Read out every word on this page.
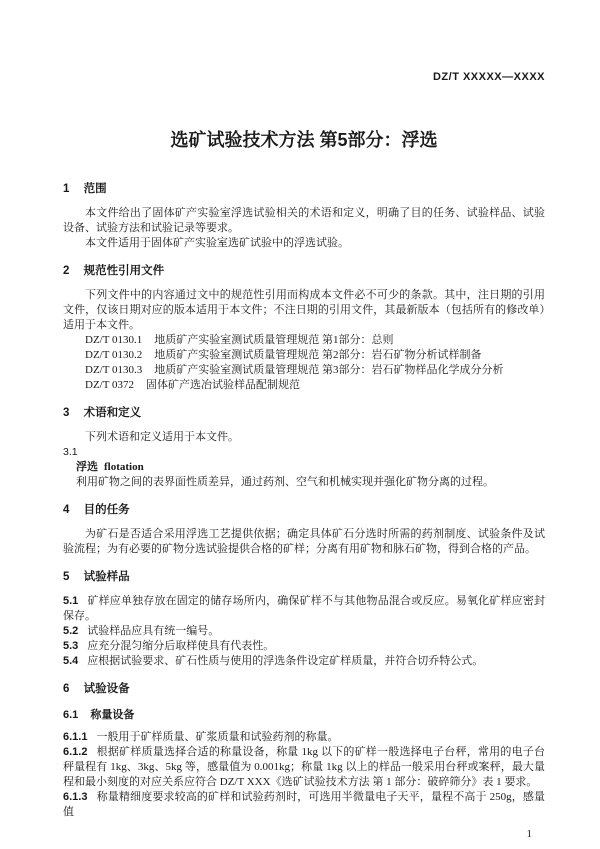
DZ/T XXXXX—XXXX
选矿试验技术方法 第5部分：浮选
1 范围

本文件给出了固体矿产实验室浮选试验相关的术语和定义，明确了目的任务、试验样品、试验设备、试验方法和试验记录等要求。

本文件适用于固体矿产实验室选矿试验中的浮选试验。

2 规范性引用文件

下列文件中的内容通过文中的规范性引用而构成本文件必不可少的条款。其中，注日期的引用文件，仅该日期对应的版本适用于本文件；不注日期的引用文件，其最新版本（包括所有的修改单）适用于本文件。

DZ/T 0130.1 地质矿产实验室测试质量管理规范 第1部分：总则

DZ/T 0130.2 地质矿产实验室测试质量管理规范 第2部分：岩石矿物分析试样制备

DZ/T 0130.3 地质矿产实验室测试质量管理规范 第3部分：岩石矿物样品化学成分分析

DZ/T 0372 固体矿产选冶试验样品配制规范

3 术语和定义

下列术语和定义适用于本文件。

3.1

浮选 flotation

利用矿物之间的表界面性质差异，通过药剂、空气和机械实现并强化矿物分离的过程。

4 目的任务

为矿石是否适合采用浮选工艺提供依据；确定具体矿石分选时所需的药剂制度、试验条件及试验流程；为有必要的矿物分选试验提供合格的矿样；分离有用矿物和脉石矿物，得到合格的产品。

5 试验样品

5.1 矿样应单独存放在固定的储存场所内，确保矿样不与其他物品混合或反应。易氧化矿样应密封保存。

5.2 试验样品应具有统一编号。

5.3 应充分混匀缩分后取样使具有代表性。

5.4 应根据试验要求、矿石性质与使用的浮选条件设定矿样质量，并符合切乔特公式。

6 试验设备
6.1 称量设备

6.1.1 一般用于矿样质量、矿浆质量和试验药剂的称量。

6.1.2 根据矿样质量选择合适的称量设备，称量 1kg 以下的矿样一般选择电子台秤，常用的电子台秤量程有 1kg、3kg、5kg 等，感量值为 0.001kg；称量 1kg 以上的样品一般采用台秤或案秤，最大量程和最小刻度的对应关系应符合 DZ/T XXX《选矿试验技术方法 第 1 部分：破碎筛分》表 1 要求。

6.1.3 称量精细度要求较高的矿样和试验药剂时，可选用半微量电子天平，量程不高于 250g，感量值

1
